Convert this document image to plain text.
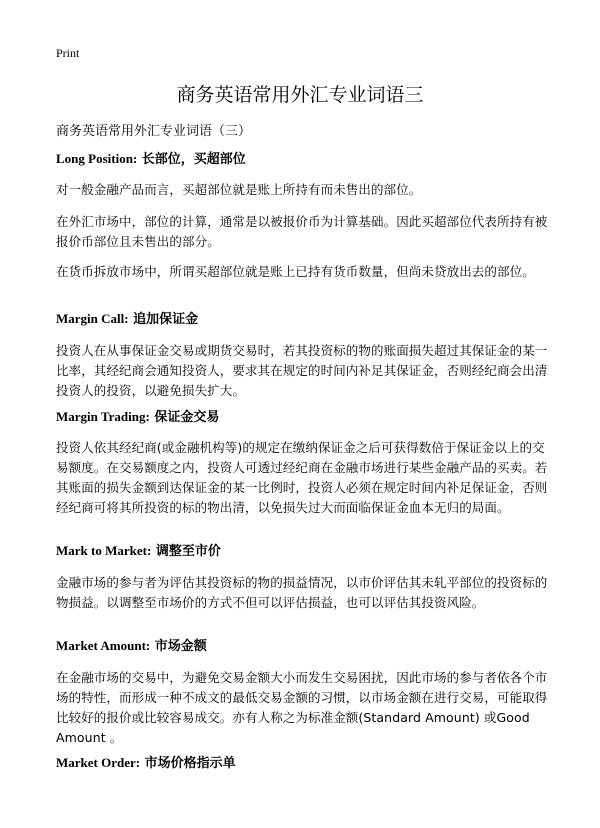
Print
商务英语常用外汇专业词语三
商务英语常用外汇专业词语（三）
Long Position: 长部位，买超部位

对一般金融产品而言，买超部位就是账上所持有而未售出的部位。

在外汇市场中，部位的计算，通常是以被报价币为计算基础。因此买超部位代表所持有被报价币部位且未售出的部分。

在货币拆放市场中，所谓买超部位就是账上已持有货币数量，但尚未贷放出去的部位。

Margin Call: 追加保证金

投资人在从事保证金交易或期货交易时，若其投资标的物的账面损失超过其保证金的某一比率，其经纪商会通知投资人，要求其在规定的时间内补足其保证金，否则经纪商会出清投资人的投资，以避免损失扩大。

Margin Trading: 保证金交易

投资人依其经纪商(或金融机构等)的规定在缴纳保证金之后可获得数倍于保证金以上的交易额度。在交易额度之内，投资人可透过经纪商在金融市场进行某些金融产品的买卖。若其账面的损失金额到达保证金的某一比例时，投资人必须在规定时间内补足保证金，否则经纪商可将其所投资的标的物出清，以免损失过大而面临保证金血本无归的局面。

Mark to Market: 调整至市价

金融市场的参与者为评估其投资标的物的损益情况，以市价评估其未轧平部位的投资标的物损益。以调整至市场价的方式不但可以评估损益，也可以评估其投资风险。

Market Amount: 市场金额

在金融市场的交易中，为避免交易金额大小而发生交易困扰，因此市场的参与者依各个市场的特性，而形成一种不成文的最低交易金额的习惯，以市场金额在进行交易，可能取得比较好的报价或比较容易成交。亦有人称之为标准金额(Standard Amount) 或Good Amount 。

Market Order: 市场价格指示单
